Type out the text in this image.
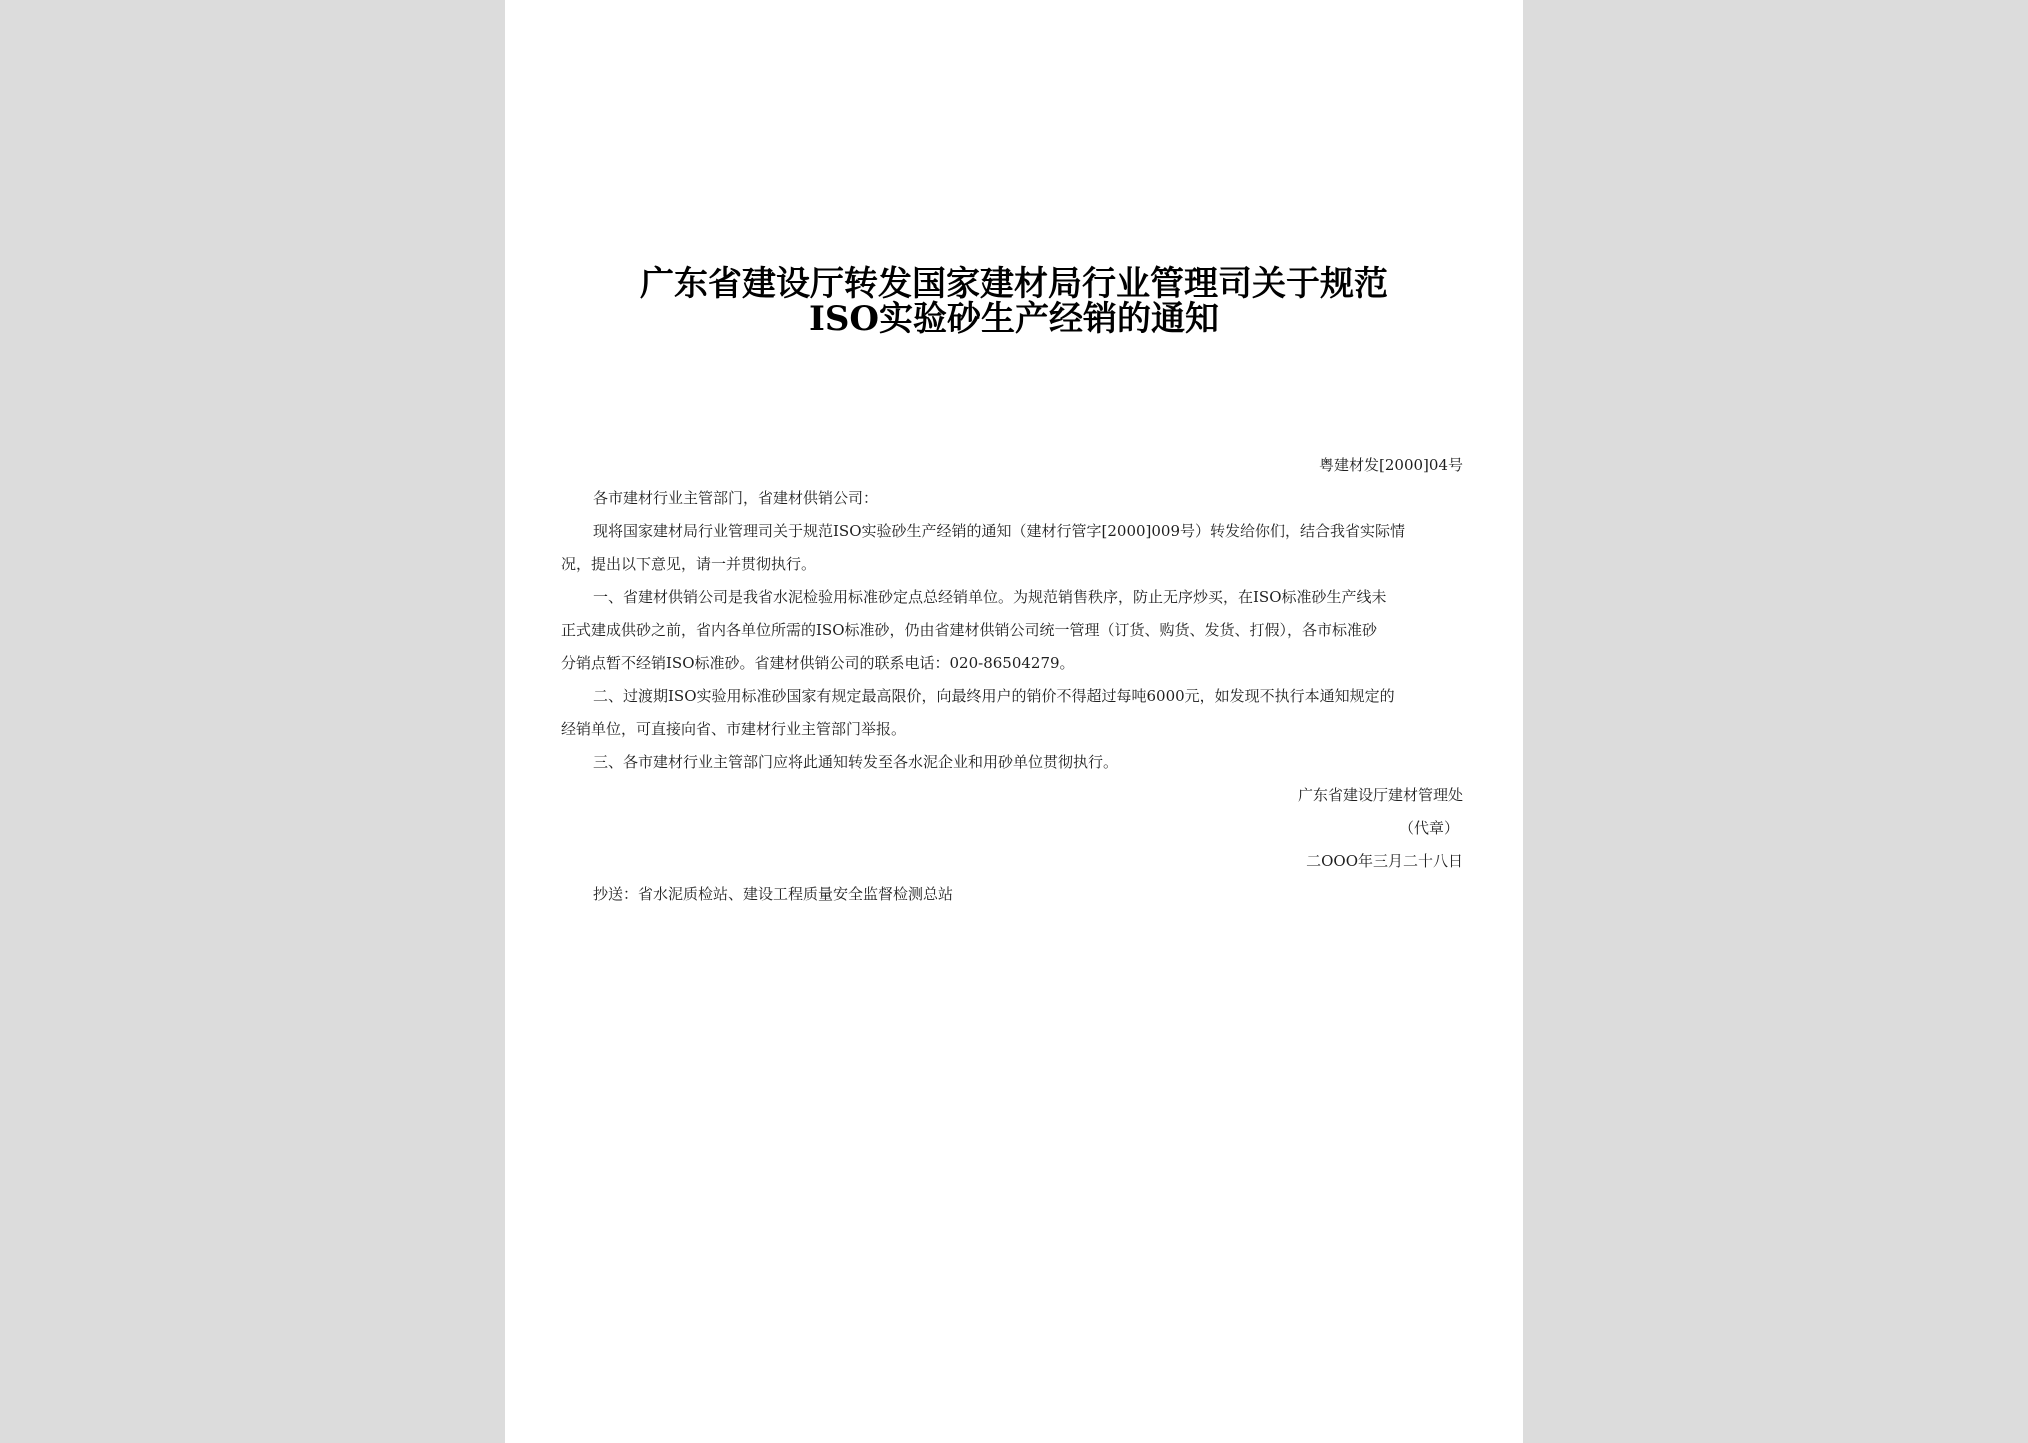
广东省建设厅转发国家建材局行业管理司关于规范
ISO实验砂生产经销的通知
粤建材发[2000]04号
各市建材行业主管部门，省建材供销公司：
现将国家建材局行业管理司关于规范ISO实验砂生产经销的通知（建材行管字[2000]009号）转发给你们，结合我省实际情
况，提出以下意见，请一并贯彻执行。
一、省建材供销公司是我省水泥检验用标准砂定点总经销单位。为规范销售秩序，防止无序炒买，在ISO标准砂生产线未
正式建成供砂之前，省内各单位所需的ISO标准砂，仍由省建材供销公司统一管理（订货、购货、发货、打假），各市标准砂
分销点暂不经销ISO标准砂。省建材供销公司的联系电话：020-86504279。
二、过渡期ISO实验用标准砂国家有规定最高限价，向最终用户的销价不得超过每吨6000元，如发现不执行本通知规定的
经销单位，可直接向省、市建材行业主管部门举报。
三、各市建材行业主管部门应将此通知转发至各水泥企业和用砂单位贯彻执行。
广东省建设厅建材管理处
（代章）
二OOO年三月二十八日
抄送：省水泥质检站、建设工程质量安全监督检测总站
